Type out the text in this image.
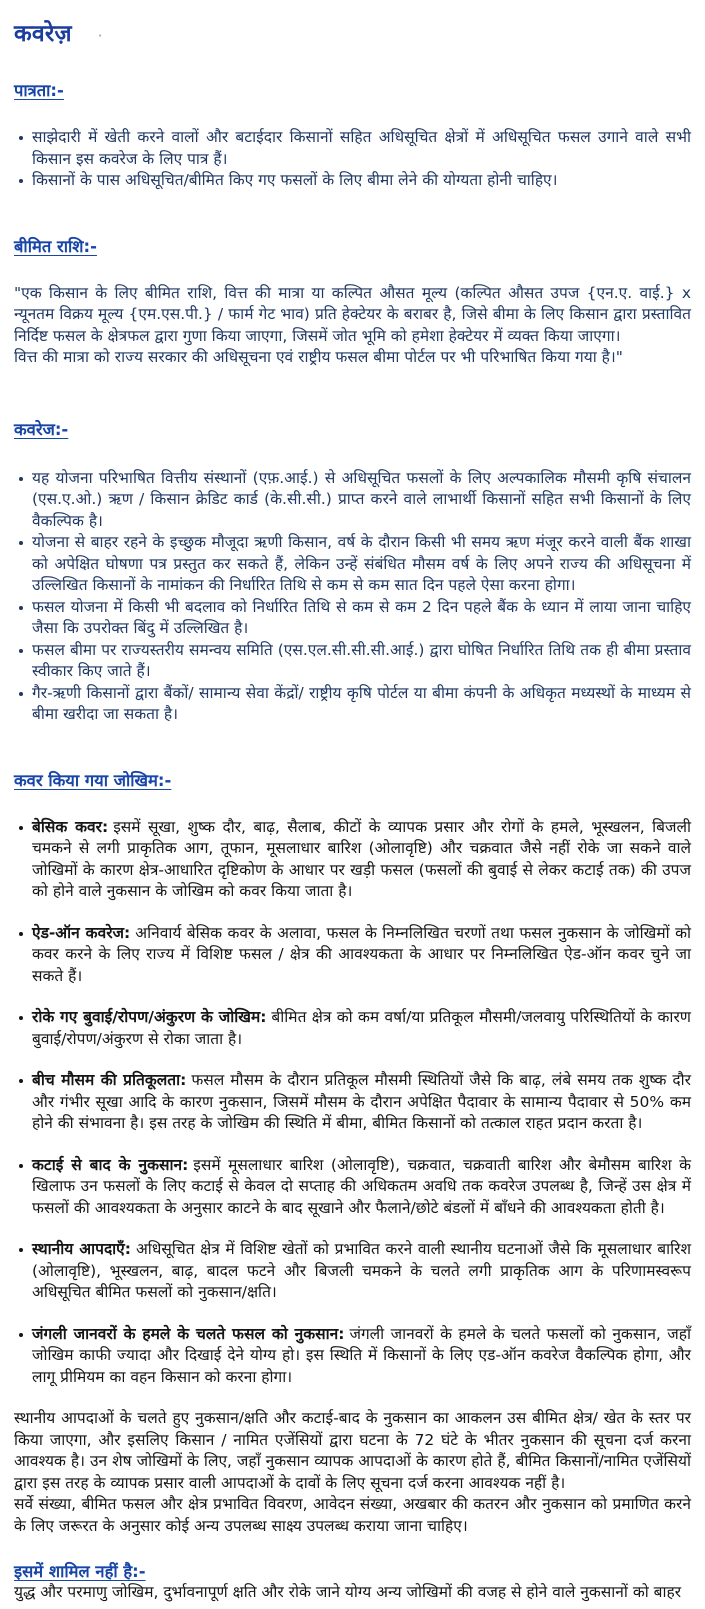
कवरेज़ ·
पात्रता:-
साझेदारी में खेती करने वालों और बटाईदार किसानों सहित अधिसूचित क्षेत्रों में अधिसूचित फसल उगाने वाले सभी किसान इस कवरेज के लिए पात्र हैं।
किसानों के पास अधिसूचित/बीमित किए गए फसलों के लिए बीमा लेने की योग्यता होनी चाहिए।
बीमित राशि:-
"एक किसान के लिए बीमित राशि, वित्त की मात्रा या कल्पित औसत मूल्य (कल्पित औसत उपज {एन.ए. वाई.} x न्यूनतम विक्रय मूल्य {एम.एस.पी.} / फार्म गेट भाव) प्रति हेक्टेयर के बराबर है, जिसे बीमा के लिए किसान द्वारा प्रस्तावित निर्दिष्ट फसल के क्षेत्रफल द्वारा गुणा किया जाएगा, जिसमें जोत भूमि को हमेशा हेक्टेयर में व्यक्त किया जाएगा।
वित्त की मात्रा को राज्य सरकार की अधिसूचना एवं राष्ट्रीय फसल बीमा पोर्टल पर भी परिभाषित किया गया है।"
कवरेज:-
यह योजना परिभाषित वित्तीय संस्थानों (एफ़.आई.) से अधिसूचित फसलों के लिए अल्पकालिक मौसमी कृषि संचालन (एस.ए.ओ.) ऋण / किसान क्रेडिट कार्ड (के.सी.सी.) प्राप्त करने वाले लाभार्थी किसानों सहित सभी किसानों के लिए वैकल्पिक है।
योजना से बाहर रहने के इच्छुक मौजूदा ऋणी किसान, वर्ष के दौरान किसी भी समय ऋण मंजूर करने वाली बैंक शाखा को अपेक्षित घोषणा पत्र प्रस्तुत कर सकते हैं, लेकिन उन्हें संबंधित मौसम वर्ष के लिए अपने राज्य की अधिसूचना में उल्लिखित किसानों के नामांकन की निर्धारित तिथि से कम से कम सात दिन पहले ऐसा करना होगा।
फसल योजना में किसी भी बदलाव को निर्धारित तिथि से कम से कम 2 दिन पहले बैंक के ध्यान में लाया जाना चाहिए जैसा कि उपरोक्त बिंदु में उल्लिखित है।
फसल बीमा पर राज्यस्तरीय समन्वय समिति (एस.एल.सी.सी.सी.आई.) द्वारा घोषित निर्धारित तिथि तक ही बीमा प्रस्ताव स्वीकार किए जाते हैं।
गैर-ऋणी किसानों द्वारा बैंकों/ सामान्य सेवा केंद्रों/ राष्ट्रीय कृषि पोर्टल या बीमा कंपनी के अधिकृत मध्यस्थों के माध्यम से बीमा खरीदा जा सकता है।
कवर किया गया जोखिम:-
बेसिक कवर: इसमें सूखा, शुष्क दौर, बाढ़, सैलाब, कीटों के व्यापक प्रसार और रोगों के हमले, भूस्खलन, बिजली चमकने से लगी प्राकृतिक आग, तूफान, मूसलाधार बारिश (ओलावृष्टि) और चक्रवात जैसे नहीं रोके जा सकने वाले जोखिमों के कारण क्षेत्र-आधारित दृष्टिकोण के आधार पर खड़ी फसल (फसलों की बुवाई से लेकर कटाई तक) की उपज को होने वाले नुकसान के जोखिम को कवर किया जाता है।
ऐड-ऑन कवरेज: अनिवार्य बेसिक कवर के अलावा, फसल के निम्नलिखित चरणों तथा फसल नुकसान के जोखिमों को कवर करने के लिए राज्य में विशिष्ट फसल / क्षेत्र की आवश्यकता के आधार पर निम्नलिखित ऐड-ऑन कवर चुने जा सकते हैं।
रोके गए बुवाई/रोपण/अंकुरण के जोखिम: बीमित क्षेत्र को कम वर्षा/या प्रतिकूल मौसमी/जलवायु परिस्थितियों के कारण बुवाई/रोपण/अंकुरण से रोका जाता है।
बीच मौसम की प्रतिकूलता: फसल मौसम के दौरान प्रतिकूल मौसमी स्थितियों जैसे कि बाढ़, लंबे समय तक शुष्क दौर और गंभीर सूखा आदि के कारण नुकसान, जिसमें मौसम के दौरान अपेक्षित पैदावार के सामान्य पैदावार से 50% कम होने की संभावना है। इस तरह के जोखिम की स्थिति में बीमा, बीमित किसानों को तत्काल राहत प्रदान करता है।
कटाई से बाद के नुकसान: इसमें मूसलाधार बारिश (ओलावृष्टि), चक्रवात, चक्रवाती बारिश और बेमौसम बारिश के खिलाफ उन फसलों के लिए कटाई से केवल दो सप्ताह की अधिकतम अवधि तक कवरेज उपलब्ध है, जिन्हें उस क्षेत्र में फसलों की आवश्यकता के अनुसार काटने के बाद सूखाने और फैलाने/छोटे बंडलों में बाँधने की आवश्यकता होती है।
स्थानीय आपदाएँ: अधिसूचित क्षेत्र में विशिष्ट खेतों को प्रभावित करने वाली स्थानीय घटनाओं जैसे कि मूसलाधार बारिश (ओलावृष्टि), भूस्खलन, बाढ़, बादल फटने और बिजली चमकने के चलते लगी प्राकृतिक आग के परिणामस्वरूप अधिसूचित बीमित फसलों को नुकसान/क्षति।
जंगली जानवरों के हमले के चलते फसल को नुकसान: जंगली जानवरों के हमले के चलते फसलों को नुकसान, जहाँ जोखिम काफी ज्यादा और दिखाई देने योग्य हो। इस स्थिति में किसानों के लिए एड-ऑन कवरेज वैकल्पिक होगा, और लागू प्रीमियम का वहन किसान को करना होगा।
स्थानीय आपदाओं के चलते हुए नुकसान/क्षति और कटाई-बाद के नुकसान का आकलन उस बीमित क्षेत्र/ खेत के स्तर पर किया जाएगा, और इसलिए किसान / नामित एजेंसियों द्वारा घटना के 72 घंटे के भीतर नुकसान की सूचना दर्ज करना आवश्यक है। उन शेष जोखिमों के लिए, जहाँ नुकसान व्यापक आपदाओं के कारण होते हैं, बीमित किसानों/नामित एजेंसियों द्वारा इस तरह के व्यापक प्रसार वाली आपदाओं के दावों के लिए सूचना दर्ज करना आवश्यक नहीं है।
सर्वे संख्या, बीमित फसल और क्षेत्र प्रभावित विवरण, आवेदन संख्या, अखबार की कतरन और नुकसान को प्रमाणित करने के लिए जरूरत के अनुसार कोई अन्य उपलब्ध साक्ष्य उपलब्ध कराया जाना चाहिए।
इसमें शामिल नहीं है:-
युद्ध और परमाणु जोखिम, दुर्भावनापूर्ण क्षति और रोके जाने योग्य अन्य जोखिमों की वजह से होने वाले नुकसानों को बाहर
